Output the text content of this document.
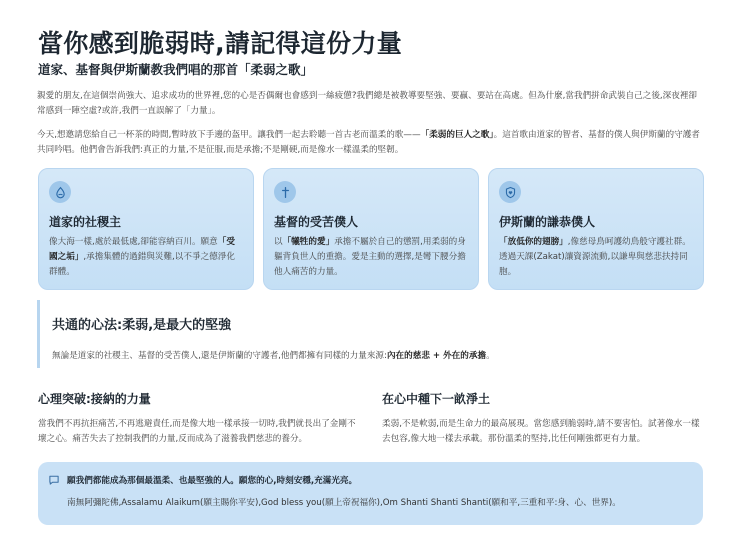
當你感到脆弱時,請記得這份力量
道家、基督與伊斯蘭教我們唱的那首「柔弱之歌」

親愛的朋友,在這個崇尚強大、追求成功的世界裡,您的心是否偶爾也會感到一絲疲憊?我們總是被教導要堅強、要贏、要站在高處。但為什麼,當我們拼命武裝自己之後,深夜裡卻常感到一陣空虛?或許,我們一直誤解了「力量」。

今天,想邀請您給自己一杯茶的時間,暫時放下手邊的盔甲。讓我們一起去聆聽一首古老而溫柔的歌——「柔弱的巨人之歌」。這首歌由道家的智者、基督的僕人與伊斯蘭的守護者共同吟唱。他們會告訴我們:真正的力量,不是征服,而是承擔;不是剛硬,而是像水一樣溫柔的堅韌。

道家的社稷主

像大海一樣,處於最低處,卻能容納百川。願意「受國之垢」,承擔集體的過錯與災難,以不爭之德淨化群體。

基督的受苦僕人

以「犧牲的愛」承擔不屬於自己的懲罰,用柔弱的身軀背負世人的重擔。愛是主動的選擇,是彎下腰分擔他人痛苦的力量。

伊斯蘭的謙恭僕人

「放低你的翅膀」,像慈母鳥呵護幼鳥般守護社群。透過天課(Zakat)讓資源流動,以謙卑與慈悲扶持同胞。

共通的心法:柔弱,是最大的堅強

無論是道家的社稷主、基督的受苦僕人,還是伊斯蘭的守護者,他們都擁有同樣的力量來源:內在的慈悲 + 外在的承擔。

心理突破:接納的力量

當我們不再抗拒痛苦,不再逃避責任,而是像大地一樣承接一切時,我們就長出了金剛不壞之心。痛苦失去了控制我們的力量,反而成為了滋養我們慈悲的養分。

在心中種下一畝淨土

柔弱,不是軟弱,而是生命力的最高展現。當您感到脆弱時,請不要害怕。試著像水一樣去包容,像大地一樣去承載。那份溫柔的堅持,比任何剛強都更有力量。

願我們都能成為那個最溫柔、也最堅強的人。願您的心,時刻安穩,充滿光亮。

南無阿彌陀佛,Assalamu Alaikum(願主賜你平安),God bless you(願上帝祝福你),Om Shanti Shanti Shanti(願和平,三重和平:身、心、世界)。
